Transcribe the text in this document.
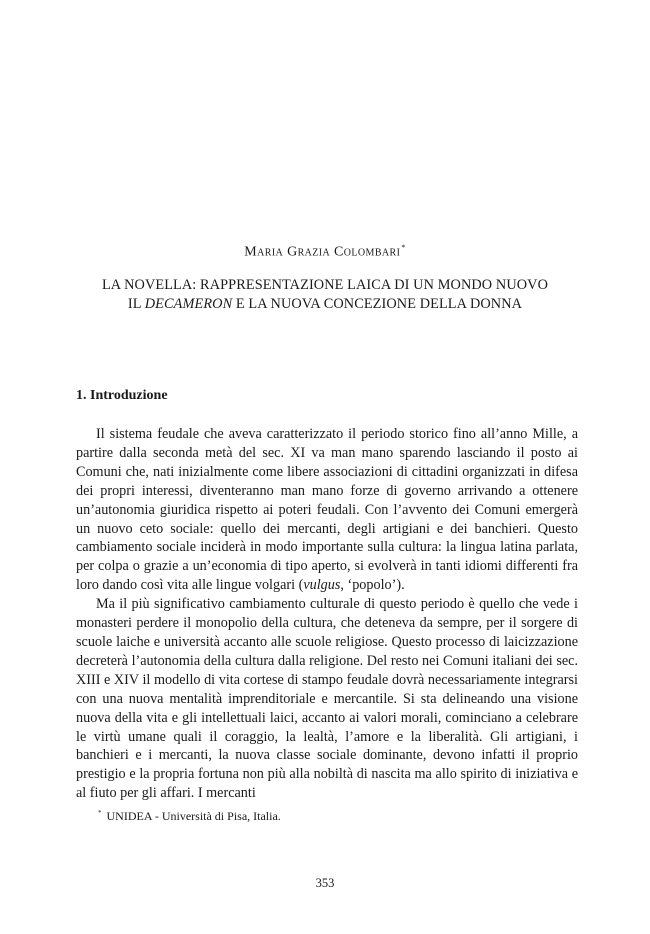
Maria Grazia Colombari*
LA NOVELLA: RAPPRESENTAZIONE LAICA DI UN MONDO NUOVO
IL DECAMERON E LA NUOVA CONCEZIONE DELLA DONNA
1. Introduzione

Il sistema feudale che aveva caratterizzato il periodo storico fino all’anno Mille, a partire dalla seconda metà del sec. XI va man mano sparendo lasciando il posto ai Comuni che, nati inizialmente come libere associazioni di cittadini organizzati in difesa dei propri interessi, diventeranno man mano forze di governo arrivando a ottenere un’autonomia giuridica rispetto ai poteri feudali. Con l’avvento dei Comuni emergerà un nuovo ceto sociale: quello dei mercanti, degli artigiani e dei banchieri. Questo cambiamento sociale inciderà in modo importante sulla cultura: la lingua latina parlata, per colpa o grazie a un’economia di tipo aperto, si evolverà in tanti idiomi differenti fra loro dando così vita alle lingue volgari (vulgus, ‘popolo’).

Ma il più significativo cambiamento culturale di questo periodo è quello che vede i monasteri perdere il monopolio della cultura, che deteneva da sempre, per il sorgere di scuole laiche e università accanto alle scuole religiose. Questo processo di laicizzazione decreterà l’autonomia della cultura dalla religione. Del resto nei Comuni italiani dei sec. XIII e XIV il modello di vita cortese di stampo feudale dovrà necessariamente integrarsi con una nuova mentalità imprenditoriale e mercantile. Si sta delineando una visione nuova della vita e gli intellettuali laici, accanto ai valori morali, cominciano a celebrare le virtù umane quali il coraggio, la lealtà, l’amore e la liberalità. Gli artigiani, i banchieri e i mercanti, la nuova classe sociale dominante, devono infatti il proprio prestigio e la propria fortuna non più alla nobiltà di nascita ma allo spirito di iniziativa e al fiuto per gli affari. I mercanti

* UNIDEA - Università di Pisa, Italia.
353
